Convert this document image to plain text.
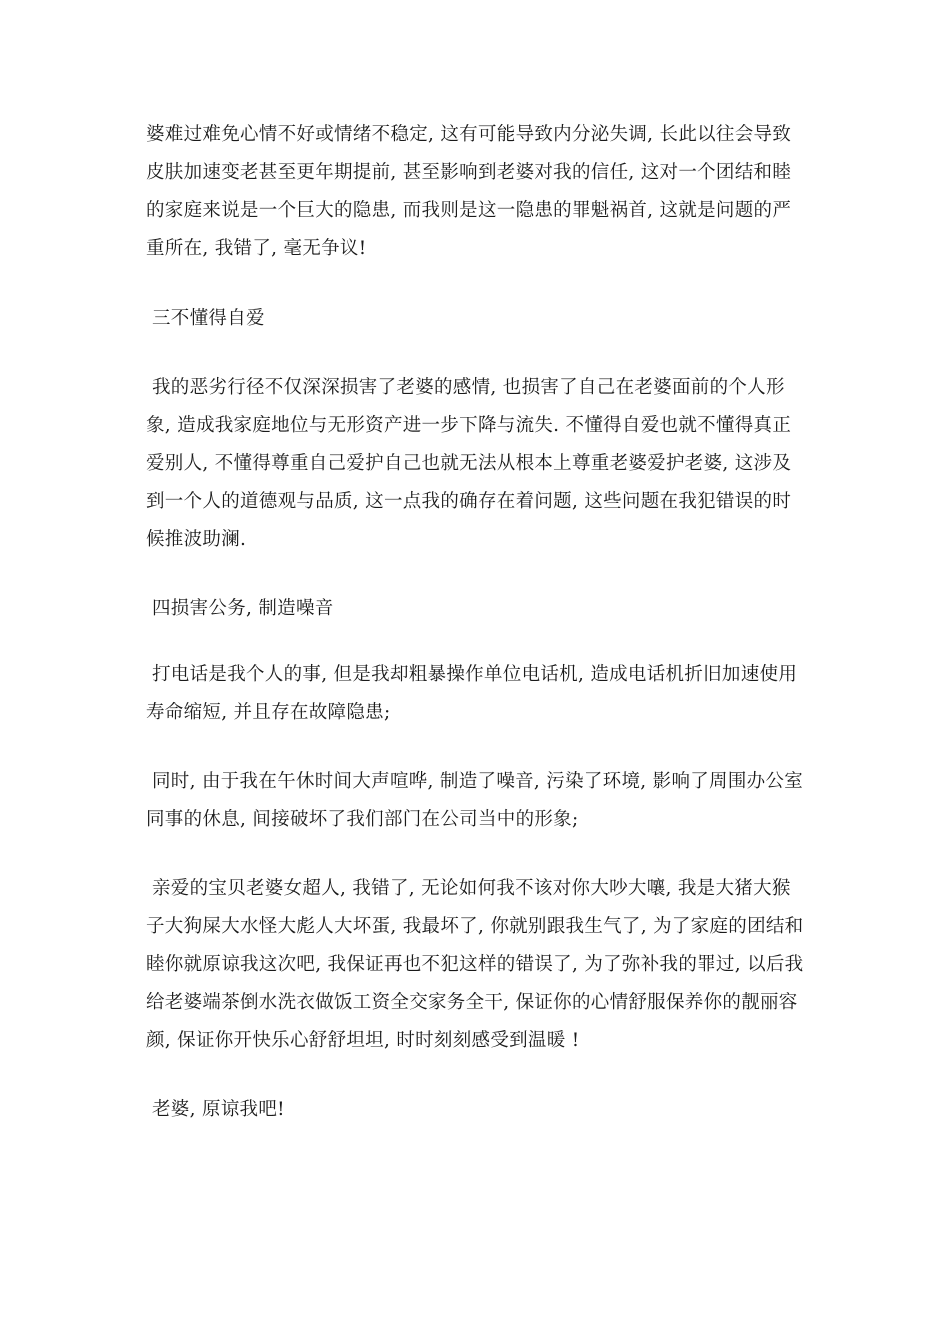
婆难过难免心情不好或情绪不稳定, 这有可能导致内分泌失调, 长此以往会导致

皮肤加速变老甚至更年期提前, 甚至影响到老婆对我的信任, 这对一个团结和睦

的家庭来说是一个巨大的隐患, 而我则是这一隐患的罪魁祸首, 这就是问题的严

重所在, 我错了, 毫无争议!

三不懂得自爱

我的恶劣行径不仅深深损害了老婆的感情, 也损害了自己在老婆面前的个人形

象, 造成我家庭地位与无形资产进一步下降与流失. 不懂得自爱也就不懂得真正

爱别人, 不懂得尊重自己爱护自己也就无法从根本上尊重老婆爱护老婆, 这涉及

到一个人的道德观与品质, 这一点我的确存在着问题, 这些问题在我犯错误的时

候推波助澜.

四损害公务, 制造噪音

打电话是我个人的事, 但是我却粗暴操作单位电话机, 造成电话机折旧加速使用

寿命缩短, 并且存在故障隐患;

同时, 由于我在午休时间大声喧哗, 制造了噪音, 污染了环境, 影响了周围办公室

同事的休息, 间接破坏了我们部门在公司当中的形象;

亲爱的宝贝老婆女超人, 我错了, 无论如何我不该对你大吵大嚷, 我是大猪大猴

子大狗屎大水怪大彪人大坏蛋, 我最坏了, 你就别跟我生气了, 为了家庭的团结和

睦你就原谅我这次吧, 我保证再也不犯这样的错误了, 为了弥补我的罪过, 以后我

给老婆端茶倒水洗衣做饭工资全交家务全干, 保证你的心情舒服保养你的靓丽容

颜, 保证你开快乐心舒舒坦坦, 时时刻刻感受到温暖 !

老婆, 原谅我吧!
